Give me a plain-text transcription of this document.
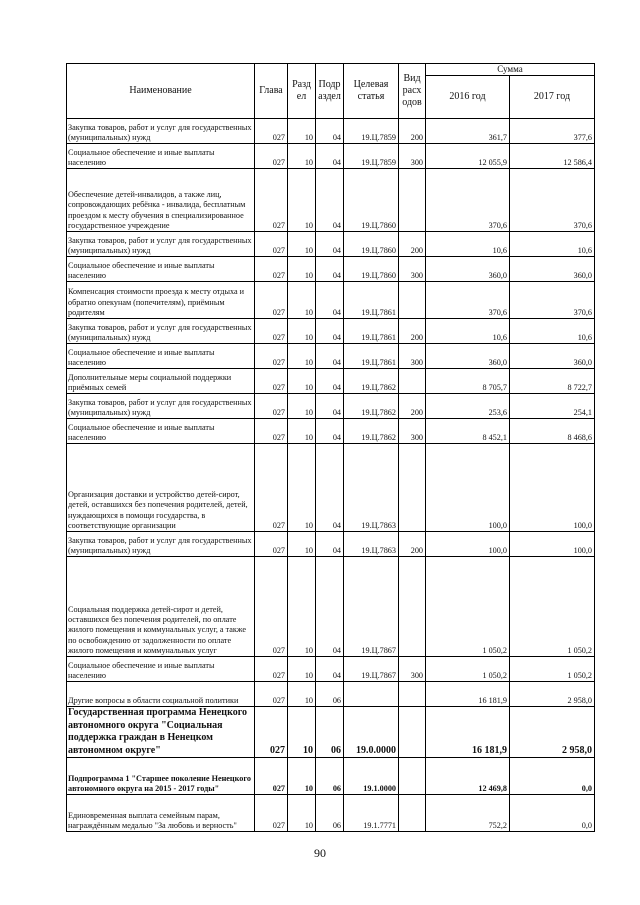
Наименование	Глава	Разд ел	Подр аздел	Целевая статья	Вид расх одов	Сумма	
						2016 год	2017 год
Закупка товаров, работ и услуг для государственных (муниципальных) нужд	027	10	04	19.Ц.7859	200	361,7	377,6
Социальное обеспечение и иные выплаты населению	027	10	04	19.Ц.7859	300	12 055,9	12 586,4
Обеспечение детей-инвалидов, а также лиц, сопровождающих ребёнка - инвалида, бесплатным проездом к месту обучения в специализированное государственное учреждение	027	10	04	19.Ц.7860		370,6	370,6
Закупка товаров, работ и услуг для государственных (муниципальных) нужд	027	10	04	19.Ц.7860	200	10,6	10,6
Социальное обеспечение и иные выплаты населению	027	10	04	19.Ц.7860	300	360,0	360,0
Компенсация стоимости проезда к месту отдыха и обратно опекунам (попечителям), приёмным родителям	027	10	04	19.Ц.7861		370,6	370,6
Закупка товаров, работ и услуг для государственных (муниципальных) нужд	027	10	04	19.Ц.7861	200	10,6	10,6
Социальное обеспечение и иные выплаты населению	027	10	04	19.Ц.7861	300	360,0	360,0
Дополнительные меры социальной поддержки приёмных семей	027	10	04	19.Ц.7862		8 705,7	8 722,7
Закупка товаров, работ и услуг для государственных (муниципальных) нужд	027	10	04	19.Ц.7862	200	253,6	254,1
Социальное обеспечение и иные выплаты населению	027	10	04	19.Ц.7862	300	8 452,1	8 468,6
Организация доставки и устройство детей-сирот, детей, оставшихся без попечения родителей, детей, нуждающихся в помощи государства, в соответствующие организации	027	10	04	19.Ц.7863		100,0	100,0
Закупка товаров, работ и услуг для государственных (муниципальных) нужд	027	10	04	19.Ц.7863	200	100,0	100,0
Социальная поддержка детей-сирот и детей, оставшихся без попечения родителей, по оплате жилого помещения и коммунальных услуг, а также по освобождению от задолженности по оплате жилого помещения и коммунальных услуг	027	10	04	19.Ц.7867		1 050,2	1 050,2
Социальное обеспечение и иные выплаты населению	027	10	04	19.Ц.7867	300	1 050,2	1 050,2
Другие вопросы в области социальной политики	027	10	06			16 181,9	2 958,0
Государственная программа Ненецкого автономного округа "Социальная поддержка граждан в Ненецком автономном округе"	027	10	06	19.0.0000		16 181,9	2 958,0
Подпрограмма 1 "Старшее поколение Ненецкого автономного округа на 2015 - 2017 годы"	027	10	06	19.1.0000		12 469,8	0,0
Единовременная выплата семейным парам, награждённым медалью "За любовь и верность"	027	10	06	19.1.7771		752,2	0,0
90
